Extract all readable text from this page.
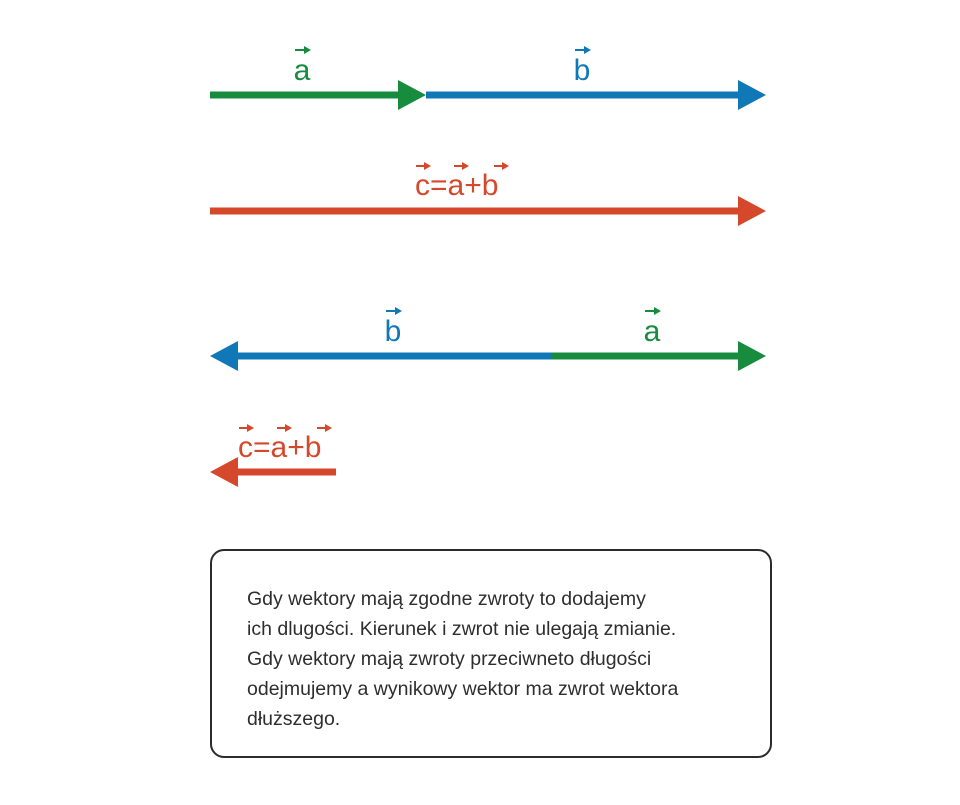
a	b
c=a+b
b	a
c=a+b

Gdy wektory mają zgodne zwroty to dodajemy
ich dlugości. Kierunek i zwrot nie ulegają zmianie.
Gdy wektory mają zwroty przeciwneto długości
odejmujemy a wynikowy wektor ma zwrot wektora
dłuższego.
